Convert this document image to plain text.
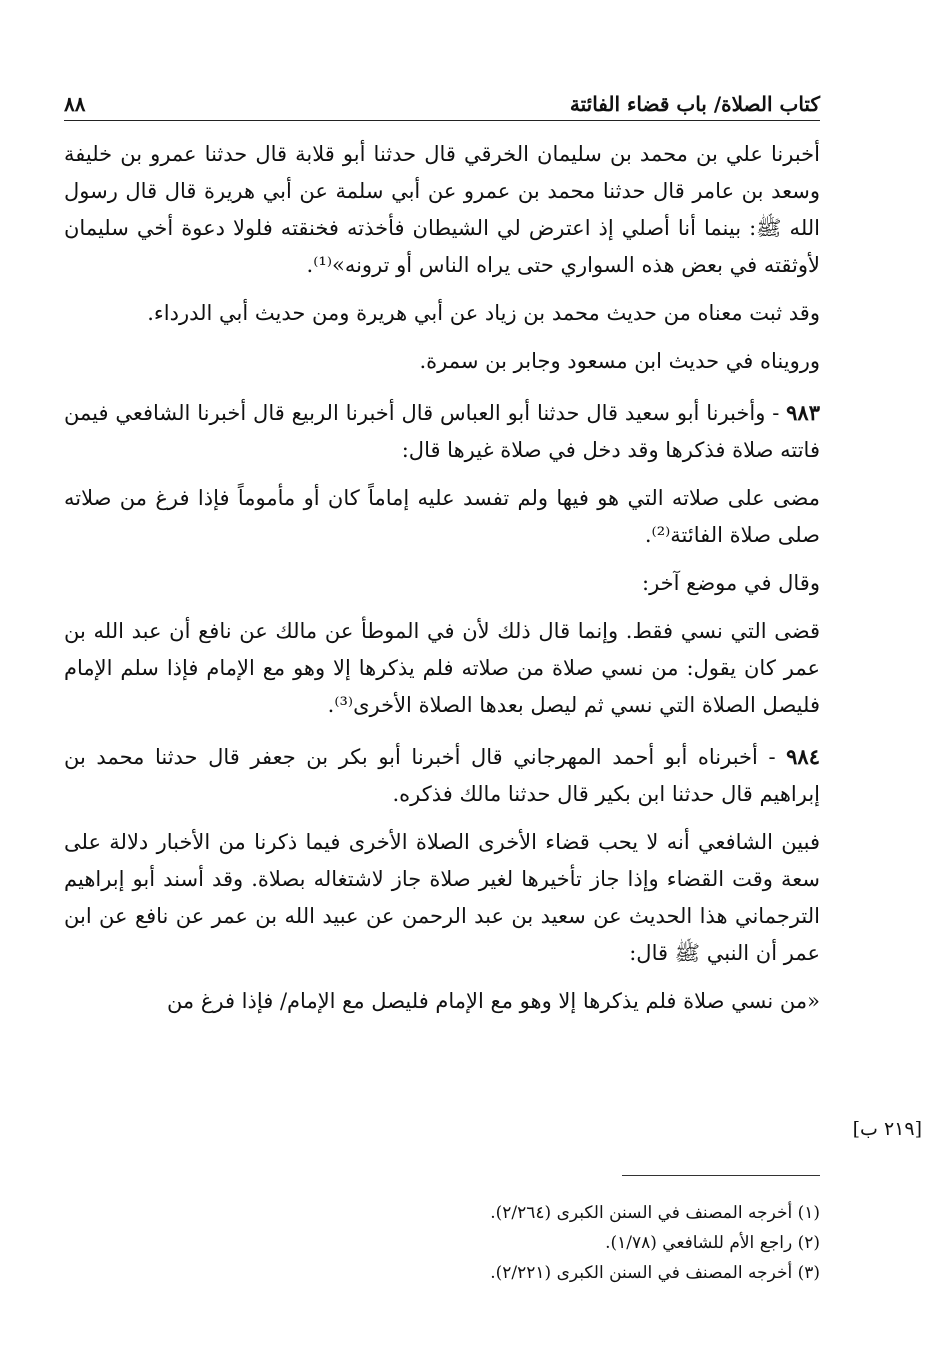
كتاب الصلاة/ باب قضاء الفائتة
٨٨

أخبرنا علي بن محمد بن سليمان الخرقي قال حدثنا أبو قلابة قال حدثنا عمرو بن خليفة وسعد بن عامر قال حدثنا محمد بن عمرو عن أبي سلمة عن أبي هريرة قال قال رسول الله ﷺ: بينما أنا أصلي إذ اعترض لي الشيطان فأخذته فخنقته فلولا دعوة أخي سليمان لأوثقته في بعض هذه السواري حتى يراه الناس أو ترونه»⁽¹⁾.

وقد ثبت معناه من حديث محمد بن زياد عن أبي هريرة ومن حديث أبي الدرداء.

ورويناه في حديث ابن مسعود وجابر بن سمرة.

٩٨٣ - وأخبرنا أبو سعيد قال حدثنا أبو العباس قال أخبرنا الربيع قال أخبرنا الشافعي فيمن فاتته صلاة فذكرها وقد دخل في صلاة غيرها قال:

مضى على صلاته التي هو فيها ولم تفسد عليه إماماً كان أو مأموماً فإذا فرغ من صلاته صلى صلاة الفائتة⁽²⁾.

وقال في موضع آخر:

قضى التي نسي فقط. وإنما قال ذلك لأن في الموطأ عن مالك عن نافع أن عبد الله بن عمر كان يقول: من نسي صلاة من صلاته فلم يذكرها إلا وهو مع الإمام فإذا سلم الإمام فليصل الصلاة التي نسي ثم ليصل بعدها الصلاة الأخرى⁽³⁾.

٩٨٤ - أخبرناه أبو أحمد المهرجاني قال أخبرنا أبو بكر بن جعفر قال حدثنا محمد بن إبراهيم قال حدثنا ابن بكير قال حدثنا مالك فذكره.

فبين الشافعي أنه لا يحب قضاء الأخرى الصلاة الأخرى فيما ذكرنا من الأخبار دلالة على سعة وقت القضاء وإذا جاز تأخيرها لغير صلاة جاز لاشتغاله بصلاة. وقد أسند أبو إبراهيم الترجماني هذا الحديث عن سعيد بن عبد الرحمن عن عبيد الله بن عمر عن نافع عن ابن عمر أن النبي ﷺ قال:

«من نسي صلاة فلم يذكرها إلا وهو مع الإمام فليصل مع الإمام/ فإذا فرغ من

[٢١٩ ب]

(١) أخرجه المصنف في السنن الكبرى (٢/٢٦٤).

(٢) راجع الأم للشافعي (١/٧٨).

(٣) أخرجه المصنف في السنن الكبرى (٢/٢٢١).
